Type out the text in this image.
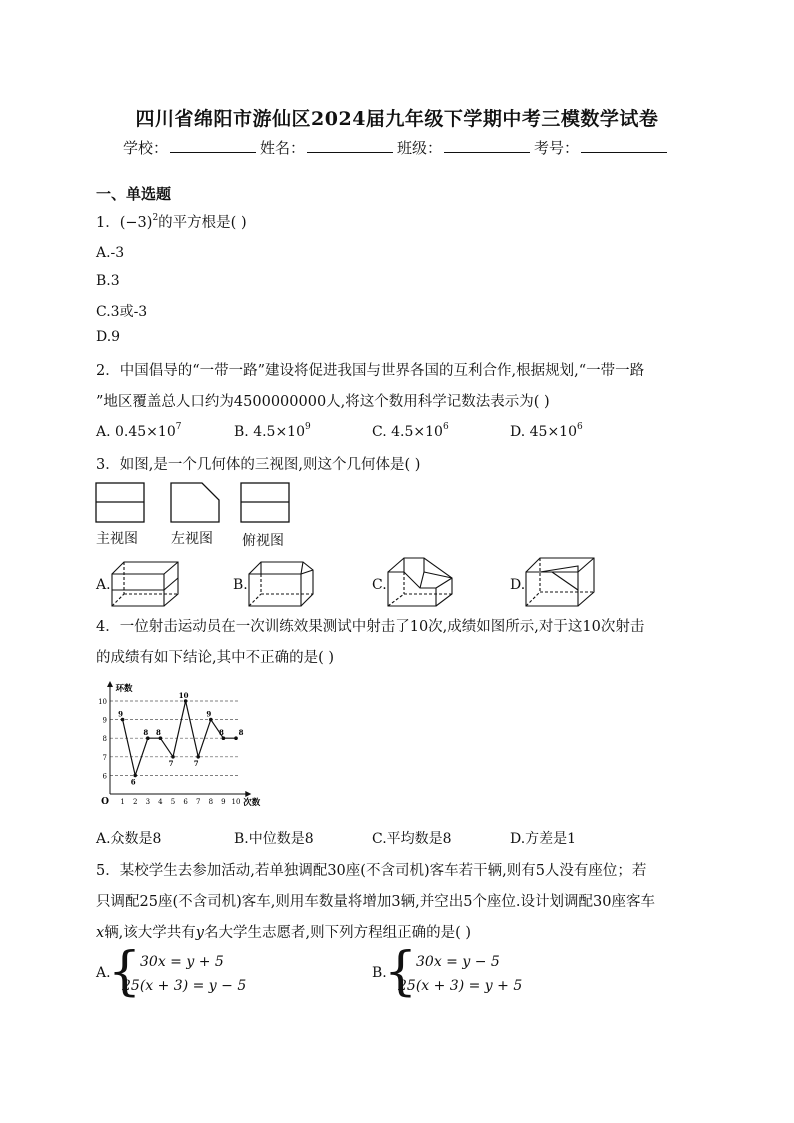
四川省绵阳市游仙区2024届九年级下学期中考三模数学试卷
学校：	姓名：	班级：	考号：
一、单选题
1．$(-3)^2$的平方根是( )
A.-3
B.3
C.3或-3
D.9
2．中国倡导的“一带一路”建设将促进我国与世界各国的互利合作,根据规划,“一带一路
”地区覆盖总人口约为4500000000人,将这个数用科学记数法表示为( )
A. $0.45\times 10^7$	B. $4.5\times 10^9$	C. $4.5\times 10^6$	D. $45\times 10^6$
3．如图,是一个几何体的三视图,则这个几何体是( )
主视图 左视图 俯视图
A.	B.	C.	D.
4．一位射击运动员在一次训练效果测试中射击了10次,成绩如图所示,对于这10次射击
的成绩有如下结论,其中不正确的是( )
6
7
8
9
10
环数
次数
O 1 2 3 4 5 6 7 8 9 10
9
6
8 8
7
10
7
9
8 8
A.众数是8	B.中位数是8	C.平均数是8	D.方差是1
5．某校学生去参加活动,若单独调配30座(不含司机)客车若干辆,则有5人没有座位；若
只调配25座(不含司机)客车,则用车数量将增加3辆,并空出5个座位.设计划调配30座客车
x辆,该大学共有y名大学生志愿者,则下列方程组正确的是( )
A.
{
30x = y + 5
25(x + 3) = y − 5
B.
{
30x = y − 5
25(x + 3) = y + 5
